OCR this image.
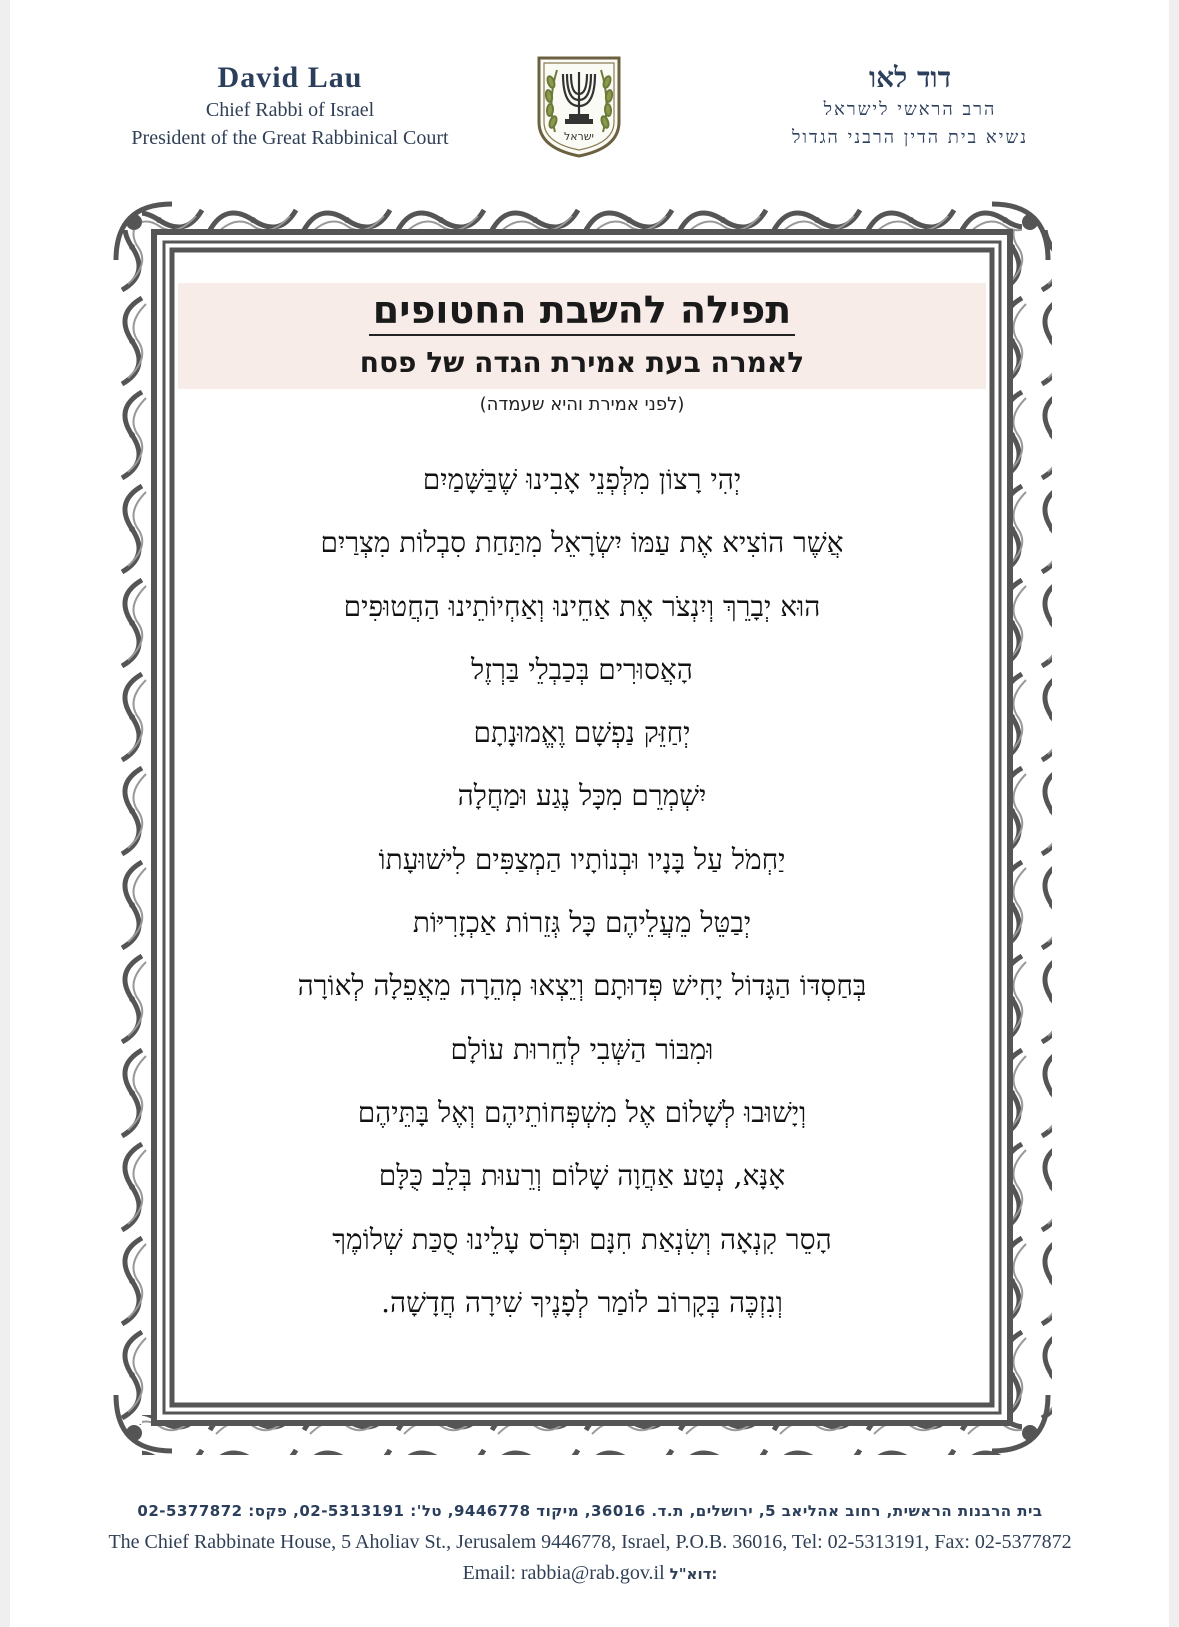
David Lau
Chief Rabbi of Israel
President of the Great Rabbinical Court	ישראל
דוד לאו
הרב הראשי לישראל
נשיא בית הדין הרבני הגדול
תפילה להשבת החטופים
לאמרה בעת אמירת הגדה של פסח
(לפני אמירת והיא שעמדה)
יְהִי רָצוֹן מִלְּפְנֵי אָבִינוּ שֶׁבַּשָּׁמַיִם
אֲשֶׁר הוֹצִיא אֶת עַמּוֹ יִשְׂרָאֵל מִתַּחַת סִבְלוֹת מִצְרַיִם
הוּא יְבָרֵךְ וְיִנְצֹר אֶת אַחֵינוּ וְאַחְיוֹתֵינוּ הַחֲטוּפִים
הָאֲסוּרִים בְּכַבְלֵי בַּרְזֶל
יְחַזֵּק נַפְשָׁם וֶאֱמוּנָתָם
יִשְׁמְרֵם מִכָּל נֶגַע וּמַחֲלָה
יַחְמֹל עַל בָּנָיו וּבְנוֹתָיו הַמְצַפִּים לִישׁוּעָתוֹ
יְבַטֵּל מֵעֲלֵיהֶם כָּל גְּזֵרוֹת אַכְזָרִיּוֹת
בְּחַסְדּוֹ הַגָּדוֹל יָחִישׁ פְּדוּתָם וְיֵצְאוּ מְהֵרָה מֵאֲפֵלָה לְאוֹרָה
וּמִבּוֹר הַשְּׁבִי לְחֵרוּת עוֹלָם
וְיָשׁוּבוּ לְשָׁלוֹם אֶל מִשְׁפְּחוֹתֵיהֶם וְאֶל בָּתֵּיהֶם
אָנָּא, נְטַע אַחֲוָה שָׁלוֹם וְרֵעוּת בְּלֵב כֻּלָּם
הָסֵר קִנְאָה וְשִׂנְאַת חִנָּם וּפְרֹס עָלֵינוּ סֻכַּת שְׁלוֹמֶךָ
וְנִזְכֶּה בְּקָרוֹב לוֹמַר לְפָנֶיךָ שִׁירָה חֲדָשָׁה.
בית הרבנות הראשית, רחוב אהליאב 5, ירושלים, ת.ד. 36016, מיקוד 9446778, טל': 02-5313191, פקס: 02-5377872
The Chief Rabbinate House, 5 Aholiav St., Jerusalem 9446778, Israel, P.O.B. 36016, Tel: 02-5313191, Fax: 02-5377872
Email: rabbia@rab.gov.il דוא"ל:
